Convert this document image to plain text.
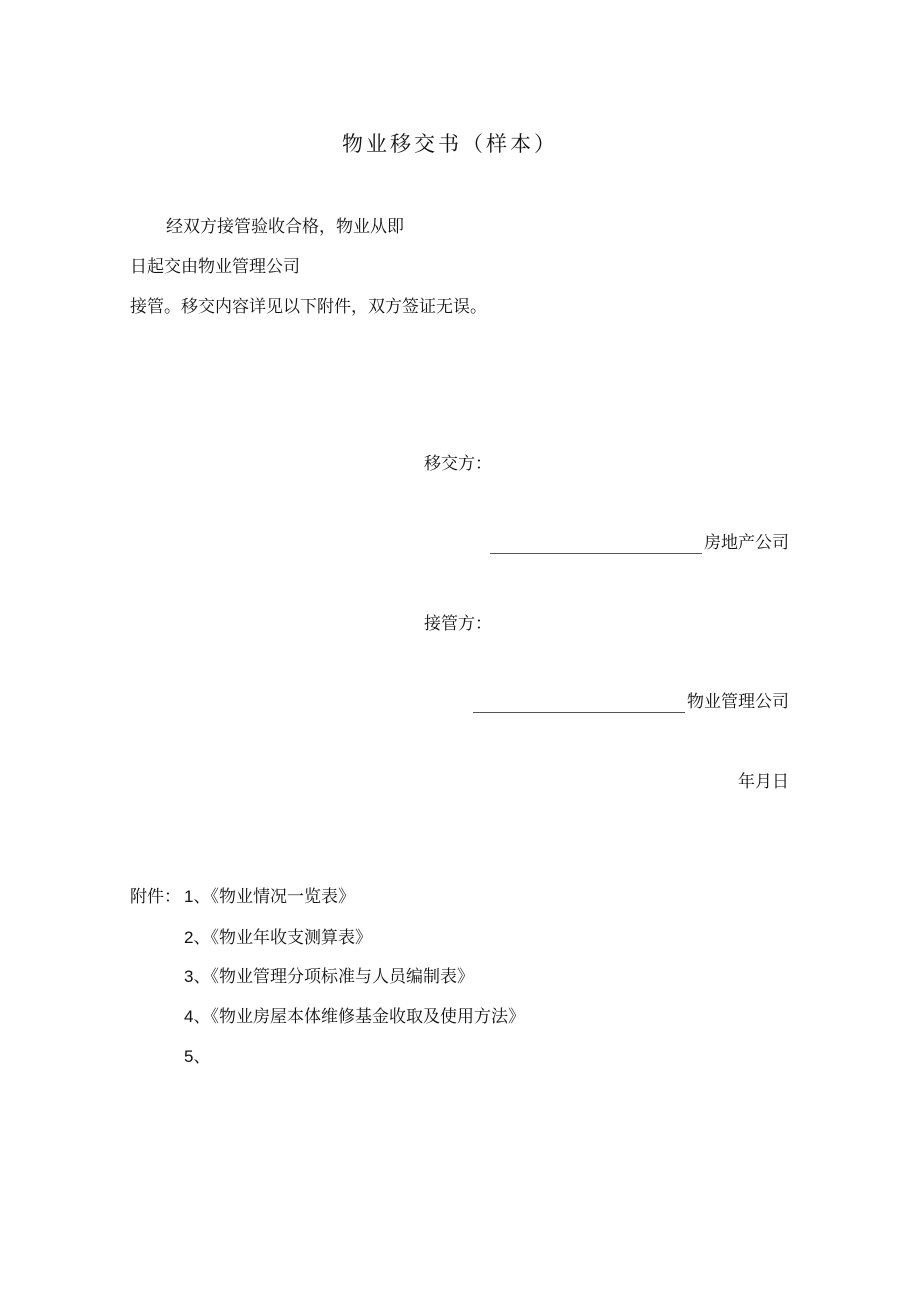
物业移交书（样本）
经双方接管验收合格，物业从即
日起交由物业管理公司
接管。移交内容详见以下附件，双方签证无误。
移交方：
房地产公司
接管方：
物业管理公司
年月日
附件： 1、《物业情况一览表》
2、《物业年收支测算表》
3、《物业管理分项标准与人员编制表》
4、《物业房屋本体维修基金收取及使用方法》
5、
